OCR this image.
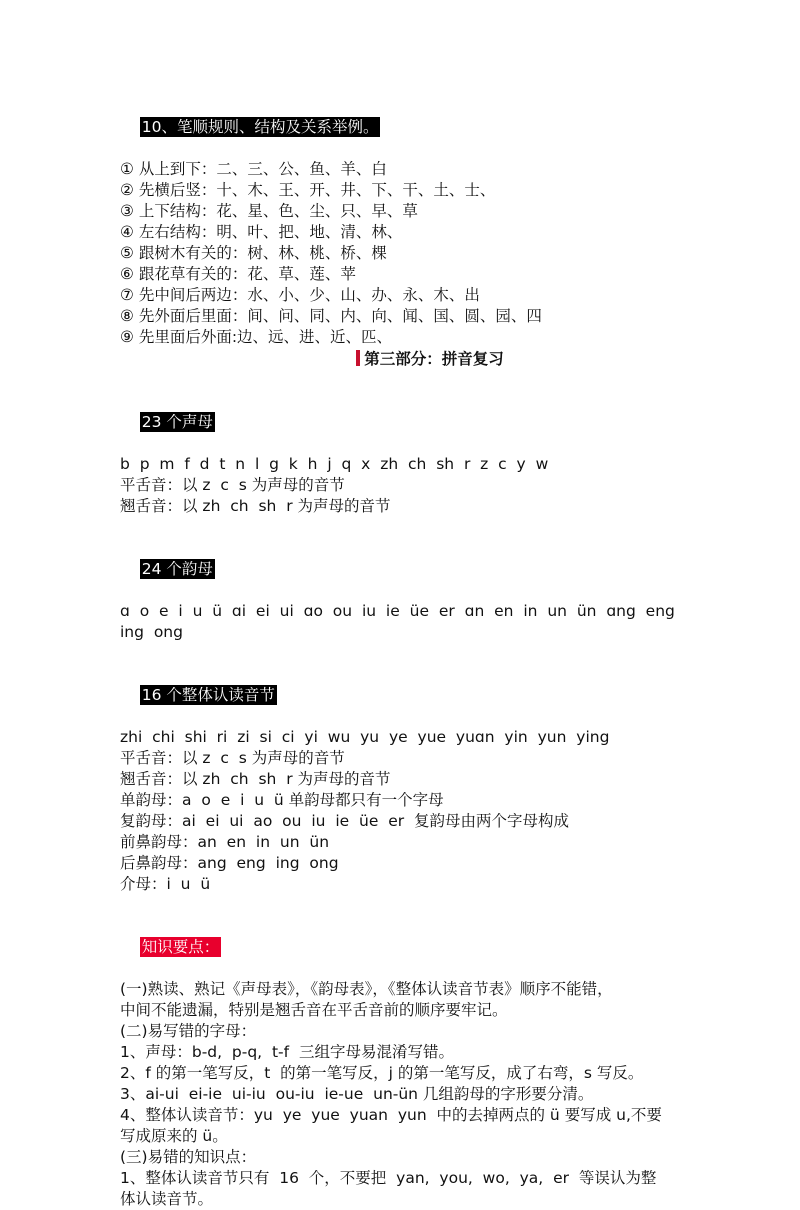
10、笔顺规则、结构及关系举例。

① 从上到下：二、三、公、鱼、羊、白
② 先横后竖：十、木、王、开、井、下、干、土、士、
③ 上下结构：花、星、色、尘、只、早、草
④ 左右结构：明、叶、把、地、清、林、
⑤ 跟树木有关的：树、林、桃、桥、棵
⑥ 跟花草有关的：花、草、莲、苹
⑦ 先中间后两边：水、小、少、山、办、永、木、出
⑧ 先外面后里面：间、问、同、内、向、闻、国、圆、园、四
⑨ 先里面后外面:边、远、进、近、匹、
第三部分：拼音复习

23 个声母

b  p  m  f  d  t  n  l  g  k  h  j  q  x  zh  ch  sh  r  z  c  y  w
平舌音：以 z  c  s 为声母的音节
翘舌音：以 zh  ch  sh  r 为声母的音节

24 个韵母

ɑ  o  e  i  u  ü  ɑi  ei  ui  ɑo  ou  iu  ie  üe  er  ɑn  en  in  un  ün  ɑng  eng
ing  ong

16 个整体认读音节

zhi  chi  shi  ri  zi  si  ci  yi  wu  yu  ye  yue  yuɑn  yin  yun  ying
平舌音：以 z  c  s 为声母的音节
翘舌音：以 zh  ch  sh  r 为声母的音节
单韵母：a  o  e  i  u  ü 单韵母都只有一个字母
复韵母：ai  ei  ui  ao  ou  iu  ie  üe  er  复韵母由两个字母构成
前鼻韵母：an  en  in  un  ün
后鼻韵母：ang  eng  ing  ong
介母：i  u  ü

知识要点：

(一)熟读、熟记《声母表》，《韵母表》，《整体认读音节表》顺序不能错，
中间不能遗漏，特别是翘舌音在平舌音前的顺序要牢记。
(二)易写错的字母：
1、声母：b-d,  p-q,  t-f  三组字母易混淆写错。
2、f 的第一笔写反，t  的第一笔写反，j 的第一笔写反，成了右弯，s 写反。
3、ai-ui  ei-ie  ui-iu  ou-iu  ie-ue  un-ün 几组韵母的字形要分清。
4、整体认读音节：yu  ye  yue  yuan  yun  中的去掉两点的 ü 要写成 u,不要
写成原来的 ü。
(三)易错的知识点：
1、整体认读音节只有  16  个，不要把  yan,  you,  wo,  ya,  er  等误认为整
体认读音节。
